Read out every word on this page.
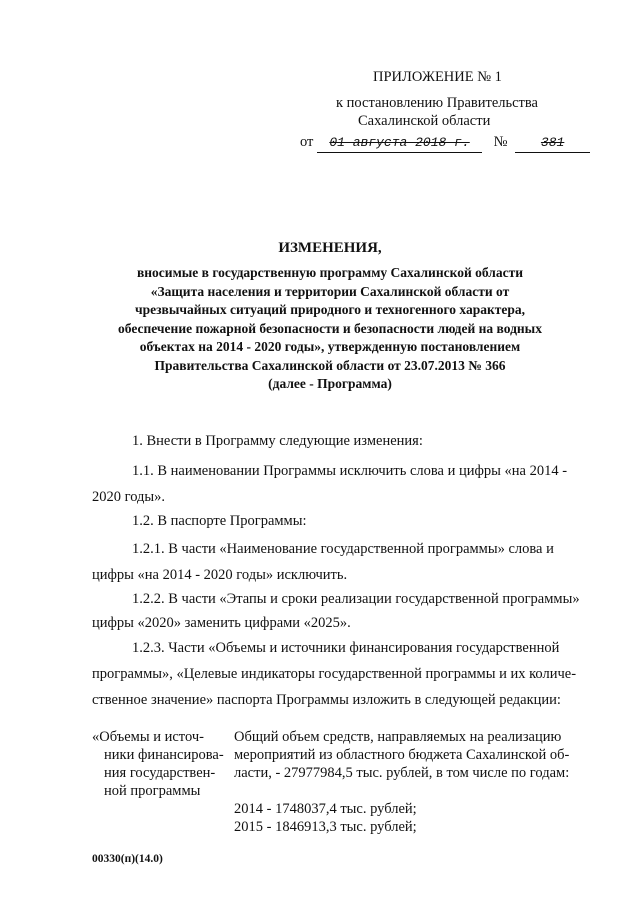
ПРИЛОЖЕНИЕ № 1
к постановлению Правительства
Сахалинской области
от 01 августа 2018 г. №	381
ИЗМЕНЕНИЯ,
вносимые в государственную программу Сахалинской области
«Защита населения и территории Сахалинской области от
чрезвычайных ситуаций природного и техногенного характера,
обеспечение пожарной безопасности и безопасности людей на водных
объектах на 2014 - 2020 годы», утвержденную постановлением
Правительства Сахалинской области от 23.07.2013 № 366
(далее - Программа)
1. Внести в Программу следующие изменения:
1.1. В наименовании Программы исключить слова и цифры «на 2014 -
2020 годы».
1.2. В паспорте Программы:
1.2.1. В части «Наименование государственной программы» слова и
цифры «на 2014 - 2020 годы» исключить.
1.2.2. В части «Этапы и сроки реализации государственной программы»
цифры «2020» заменить цифрами «2025».
1.2.3. Части «Объемы и источники финансирования государственной
программы», «Целевые индикаторы государственной программы и их количе-
ственное значение» паспорта Программы изложить в следующей редакции:
«Объемы и источ-
ники финансирова-
ния государствен-
ной программы
Общий объем средств, направляемых на реализацию
мероприятий из областного бюджета Сахалинской об-
ласти, - 27977984,5 тыс. рублей, в том числе по годам:
2014 - 1748037,4 тыс. рублей;
2015 - 1846913,3 тыс. рублей;
00330(п)(14.0)
